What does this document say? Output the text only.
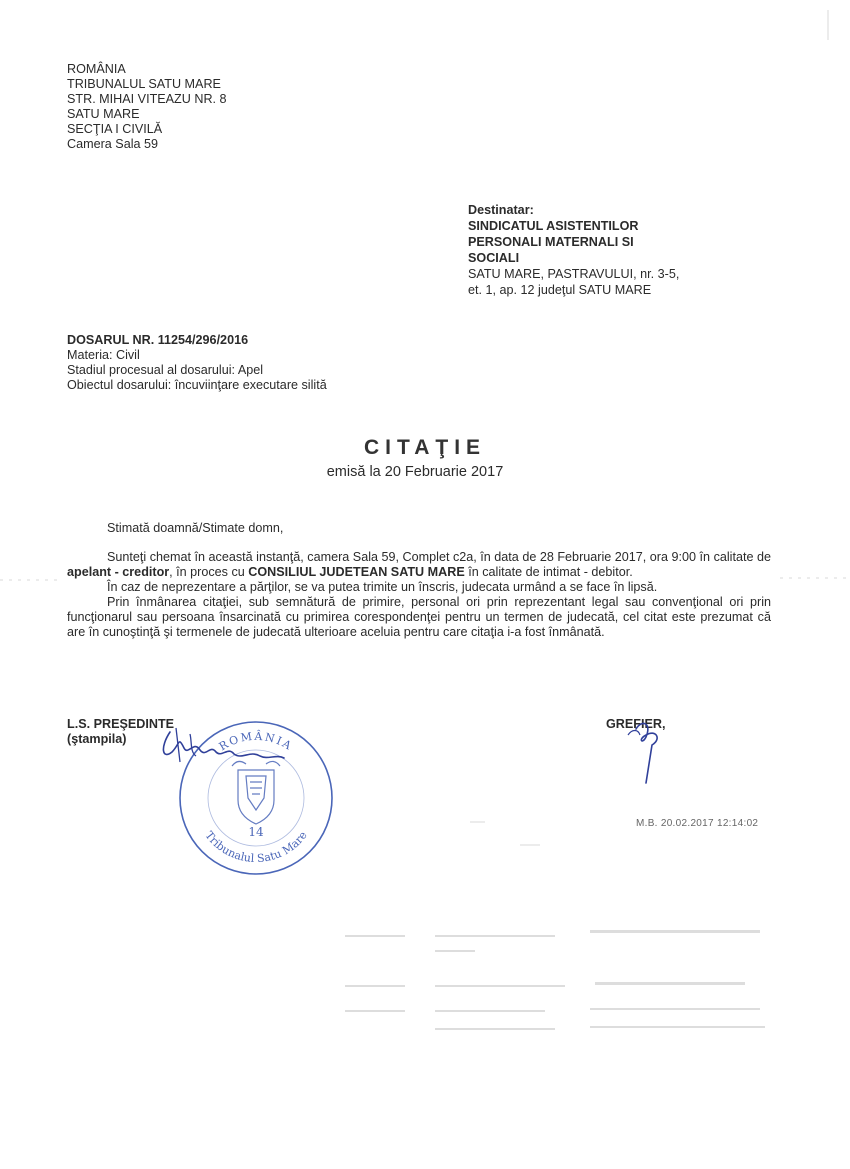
ROMÂNIA
TRIBUNALUL SATU MARE
STR. MIHAI VITEAZU NR. 8
SATU MARE
SECŢIA I CIVILĂ
Camera Sala 59
Destinatar:
SINDICATUL ASISTENTILOR
PERSONALI MATERNALI SI
SOCIALI
SATU MARE, PASTRAVULUI, nr. 3-5,
et. 1, ap. 12 judeţul SATU MARE
DOSARUL NR. 11254/296/2016
Materia: Civil
Stadiul procesual al dosarului: Apel
Obiectul dosarului: încuviinţare executare silită
CITAŢIE
emisă la 20 Februarie 2017
Stimată doamnă/Stimate domn,

Sunteţi chemat în această instanţă, camera Sala 59, Complet c2a, în data de 28 Februarie 2017, ora 9:00 în calitate de apelant - creditor, în proces cu CONSILIUL JUDETEAN SATU MARE în calitate de intimat - debitor.

În caz de neprezentare a părţilor, se va putea trimite un înscris, judecata urmând a se face în lipsă.

Prin înmânarea citaţiei, sub semnătură de primire, personal ori prin reprezentant legal sau convenţional ori prin funcţionarul sau persoana însarcinată cu primirea corespondenţei pentru un termen de judecată, cel citat este prezumat că are în cunoştinţă şi termenele de judecată ulterioare aceluia pentru care citaţia i-a fost înmânată.

L.S. PREŞEDINTE
(ştampila)
GREFIER,
ROMÂNIA
Tribunalul Satu Mare
14
M.B. 20.02.2017 12:14:02
